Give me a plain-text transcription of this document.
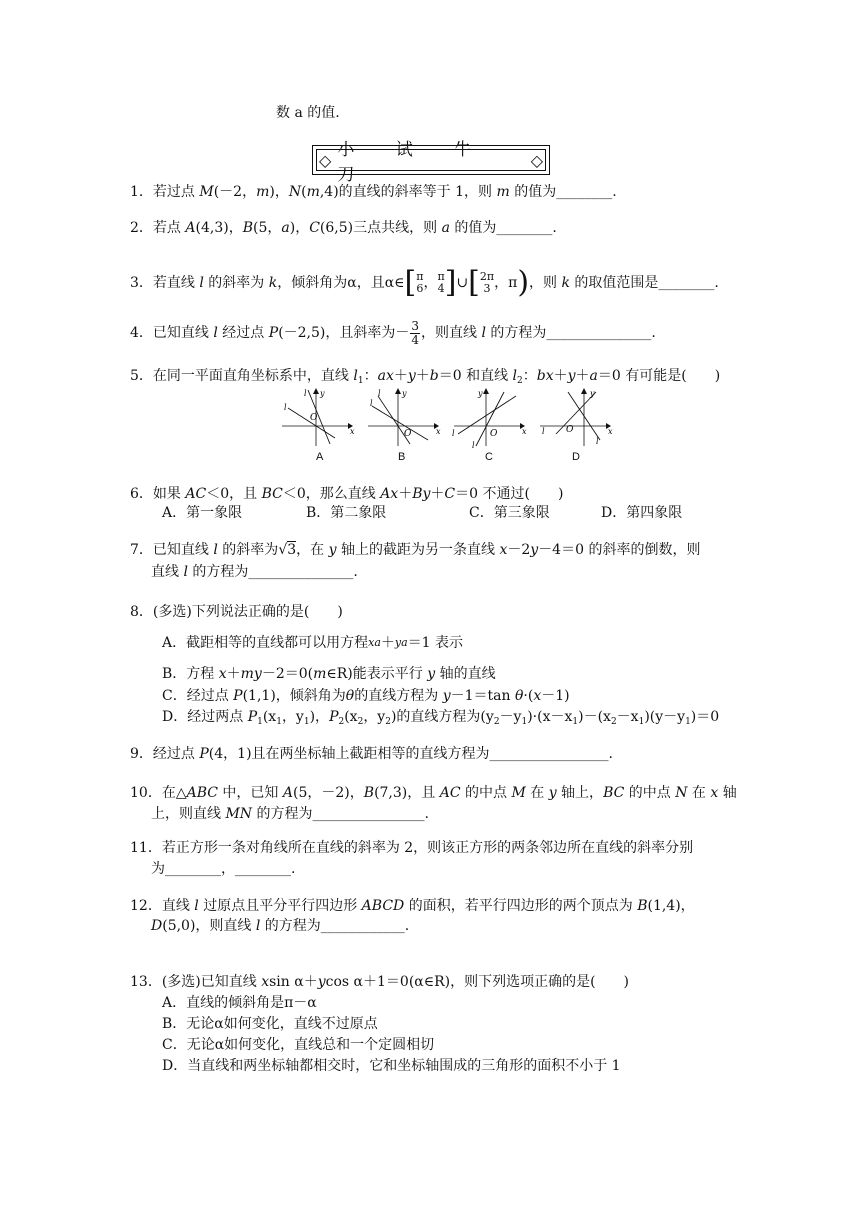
数 a 的值.
◇ 小 试 牛 刀
◇
1．若过点 M(－2，m)，N(m,4)的直线的斜率等于 1，则 m 的值为________.
2．若点 A(4,3)，B(5，a)，C(6,5)三点共线，则 a 的值为________.
3．若直线 l 的斜率为 k，倾斜角为α，且α∈[ π
6 ， π
4 ]∪[ 2π
3 ，π)，则 k 的取值范围是________.
4．已知直线 l 经过点 P(－2,5)，且斜率为－ $\frac{3}{4}$ ，则直线 l 的方程为_______________.
5．在同一平面直角坐标系中，直线 $l_1$：ax＋y＋b＝0 和直线 $l_2$：bx＋y＋a＝0 有可能是(　　)
O
l
l
x
y
O
l
l
x
y
O
l
l
x
y
O
l
l
x
y
A	B	C	D
6．如果 AC＜0，且 BC＜0，那么直线 Ax＋By＋C＝0 不通过(　　)
A．第一象限	B．第二象限	C．第三象限	D．第四象限
7．已知直线 l 的斜率为√3，在 y 轴上的截距为另一条直线 x－2y－4＝0 的斜率的倒数，则
直线 l 的方程为_______________.
8．(多选)下列说法正确的是(　　)
A．截距相等的直线都可以用方程xa＋ya＝1 表示
B．方程 x＋my－2＝0(m∈R)能表示平行 y 轴的直线
C．经过点 P(1,1)，倾斜角为θ的直线方程为 y－1＝tan θ·(x－1)
D．经过两点 $P_1(x_1$，$y_1$)，$P_2(x_2$，$y_2$)的直线方程为$(y_2-y_1)\cdot(x-x_1)-(x_2-x_1)(y-y_1)=0$
9．经过点 P(4，1)且在两坐标轴上截距相等的直线方程为_________________.
10．在△ABC 中，已知 A(5，－2)，B(7,3)，且 AC 的中点 M 在 y 轴上，BC 的中点 N 在 x 轴
上，则直线 MN 的方程为________________.
11．若正方形一条对角线所在直线的斜率为 2，则该正方形的两条邻边所在直线的斜率分别
为________，________.
12．直线 l 过原点且平分平行四边形 ABCD 的面积，若平行四边形的两个顶点为 B(1,4)，
D(5,0)，则直线 l 的方程为____________.
13．(多选)已知直线 xsin α＋ycos α＋1＝0(α∈R)，则下列选项正确的是(　　)
A．直线的倾斜角是π－α
B．无论α如何变化，直线不过原点
C．无论α如何变化，直线总和一个定圆相切
D．当直线和两坐标轴都相交时，它和坐标轴围成的三角形的面积不小于 1
